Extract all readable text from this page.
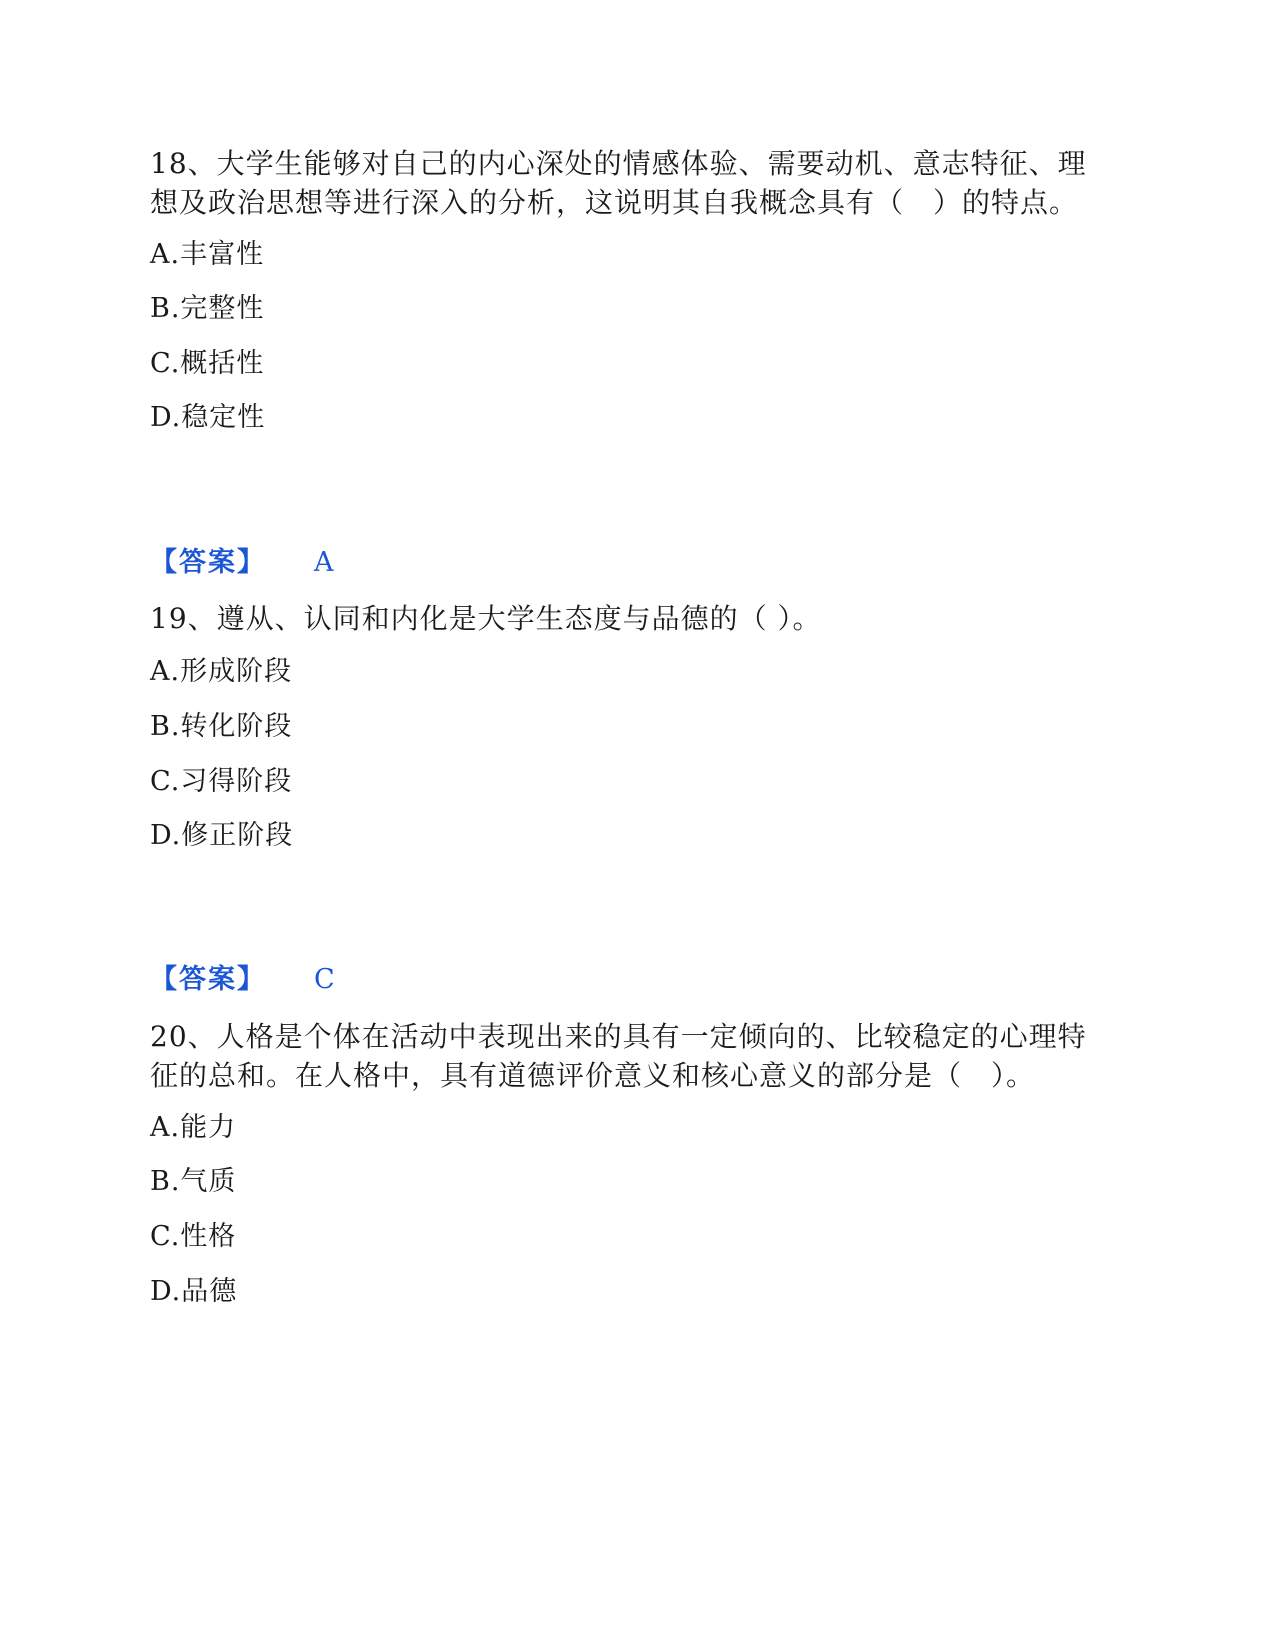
18、大学生能够对自己的内心深处的情感体验、需要动机、意志特征、理想及政治思想等进行深入的分析，这说明其自我概念具有（　）的特点。
A.丰富性
B.完整性
C.概括性
D.稳定性
【答案】 A
19、遵从、认同和内化是大学生态度与品德的（ ）。
A.形成阶段
B.转化阶段
C.习得阶段
D.修正阶段
【答案】 C
20、人格是个体在活动中表现出来的具有一定倾向的、比较稳定的心理特征的总和。在人格中，具有道德评价意义和核心意义的部分是（　）。
A.能力
B.气质
C.性格
D.品德
